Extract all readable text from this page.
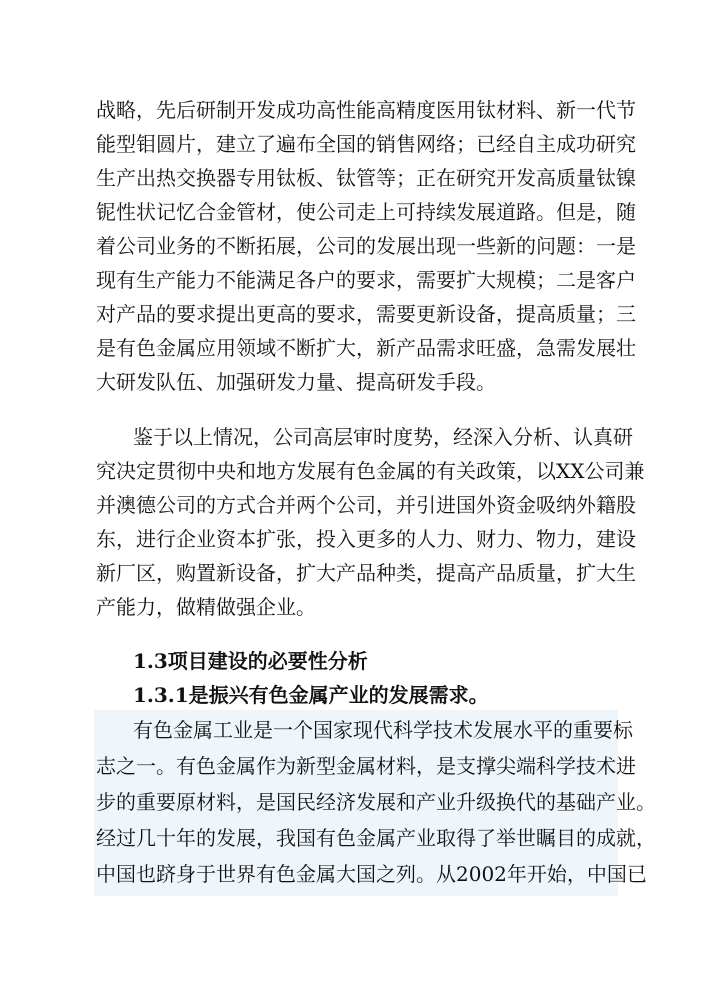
战略，先后研制开发成功高性能高精度医用钛材料、新一代节
能型钼圆片，建立了遍布全国的销售网络；已经自主成功研究
生产出热交换器专用钛板、钛管等；正在研究开发高质量钛镍
铌性状记忆合金管材，使公司走上可持续发展道路。但是，随
着公司业务的不断拓展，公司的发展出现一些新的问题：一是
现有生产能力不能满足各户的要求，需要扩大规模；二是客户
对产品的要求提出更高的要求，需要更新设备，提高质量；三
是有色金属应用领域不断扩大，新产品需求旺盛，急需发展壮
大研发队伍、加强研发力量、提高研发手段。
鉴于以上情况，公司高层审时度势，经深入分析、认真研
究决定贯彻中央和地方发展有色金属的有关政策，以XX公司兼
并澳德公司的方式合并两个公司，并引进国外资金吸纳外籍股
东，进行企业资本扩张，投入更多的人力、财力、物力，建设
新厂区，购置新设备，扩大产品种类，提高产品质量，扩大生
产能力，做精做强企业。
1.3项目建设的必要性分析
1.3.1是振兴有色金属产业的发展需求。
有色金属工业是一个国家现代科学技术发展水平的重要标
志之一。有色金属作为新型金属材料，是支撑尖端科学技术进
步的重要原材料，是国民经济发展和产业升级换代的基础产业。
经过几十年的发展，我国有色金属产业取得了举世瞩目的成就，
中国也跻身于世界有色金属大国之列。从2002年开始，中国已
